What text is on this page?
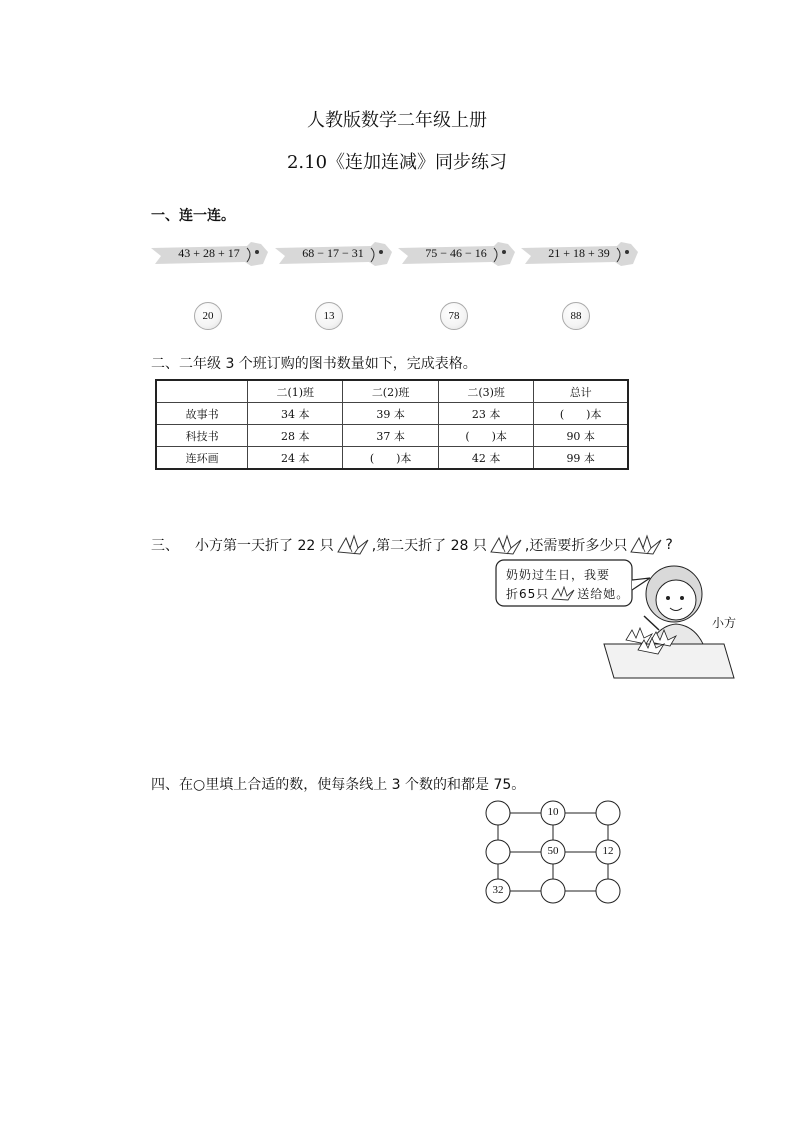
人教版数学二年级上册
2.10《连加连减》同步练习
一、连一连。
43 + 28 + 17	68 − 17 − 31	75 − 46 − 16	21 + 18 + 39
20	13	78	88
二、二年级 3 个班订购的图书数量如下，完成表格。
	二(1)班	二(2)班	二(3)班	总计
故事书	34 本	39 本	23 本	(　　)本
科技书	28 本	37 本	(　　)本	90 本
连环画	24 本	(　　)本	42 本	99 本
三、 小方第一天折了 22 只	,第二天折了 28 只	,还需要折多少只	?
奶奶过生日，我要
折65只 送给她。
小方
四、在○里填上合适的数，使每条线上 3 个数的和都是 75。
10
50	12
32
